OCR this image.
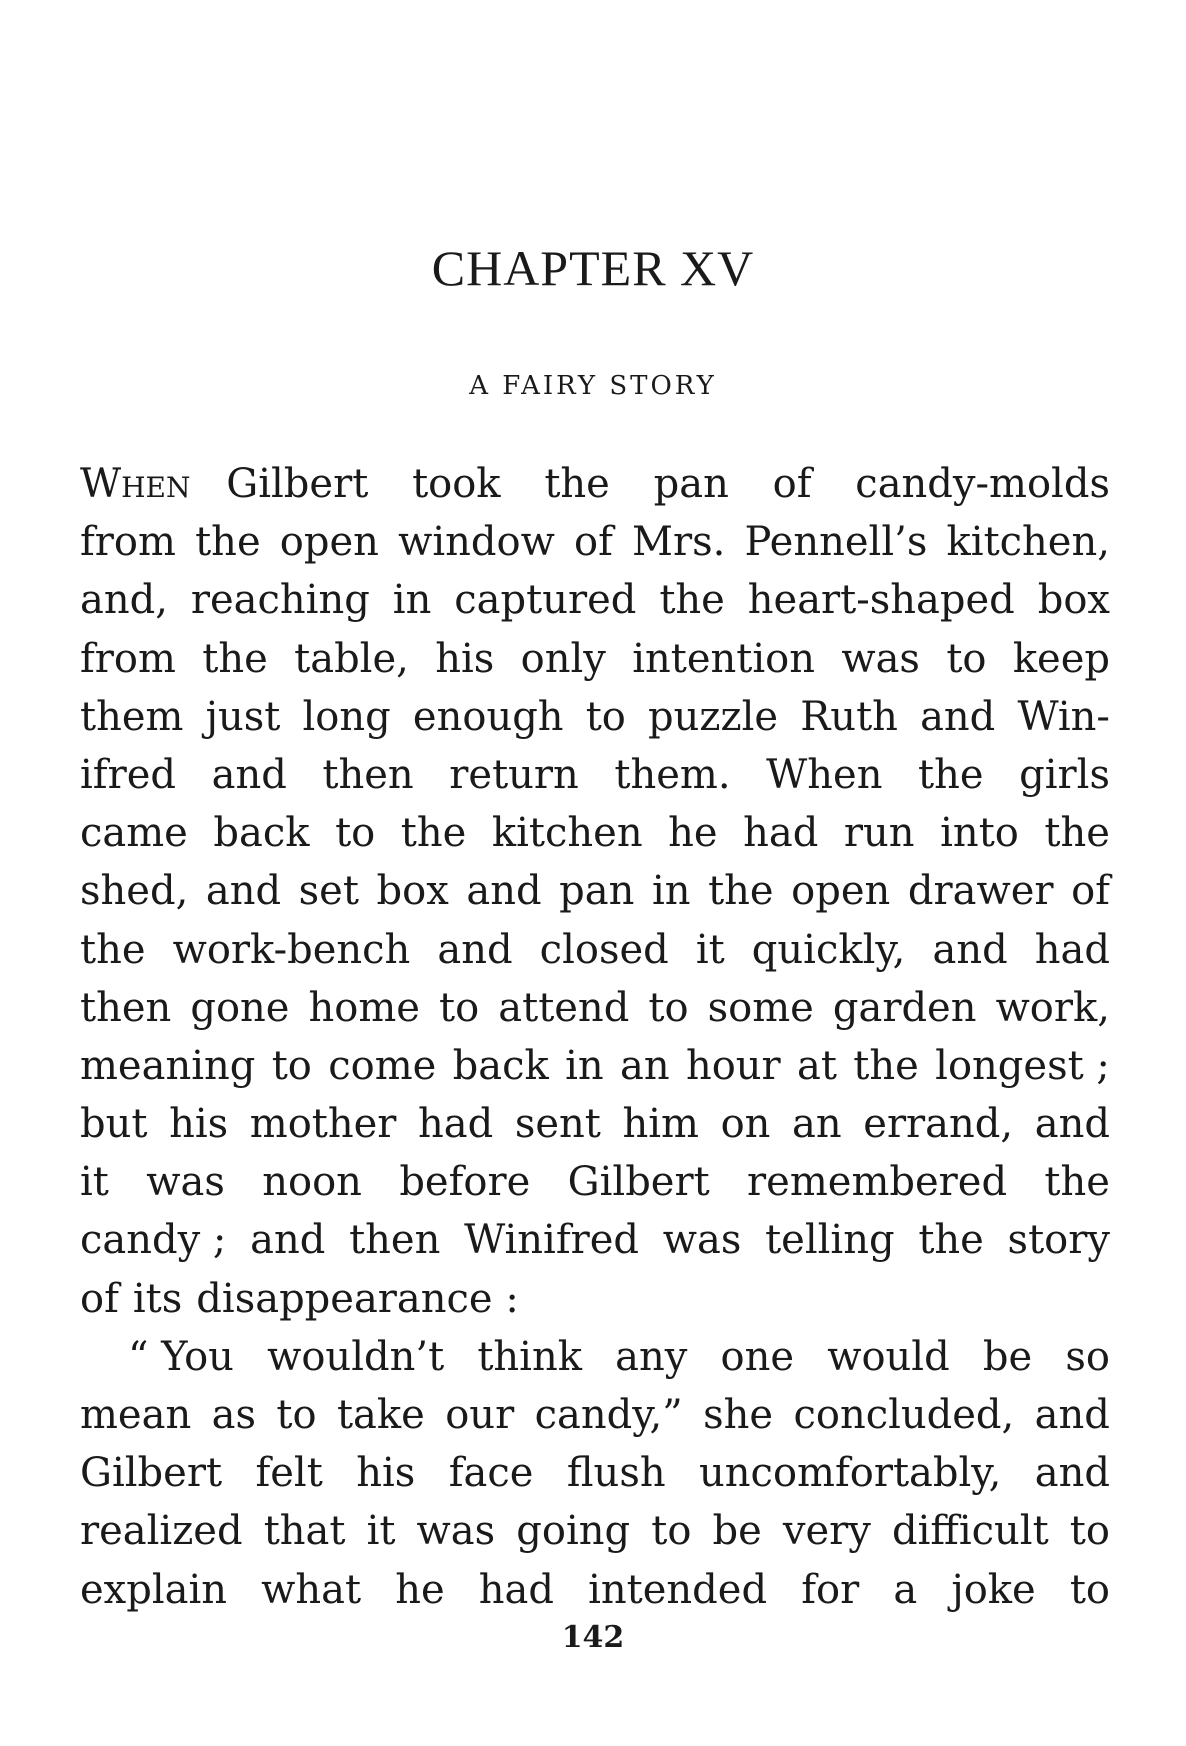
CHAPTER XV
A FAIRY STORY
When Gilbert took the pan of candy-molds
from the open window of Mrs. Pennell’s kitchen,
and, reaching in captured the heart-shaped box
from the table, his only intention was to keep
them just long enough to puzzle Ruth and Win-
ifred and then return them. When the girls
came back to the kitchen he had run into the
shed, and set box and pan in the open drawer of
the work-bench and closed it quickly, and had
then gone home to attend to some garden work,
meaning to come back in an hour at the longest ;
but his mother had sent him on an errand, and
it was noon before Gilbert remembered the
candy ; and then Winifred was telling the story
of its disappearance :
“ You wouldn’t think any one would be so
mean as to take our candy,” she concluded, and
Gilbert felt his face flush uncomfortably, and
realized that it was going to be very difficult to
explain what he had intended for a joke to
142
